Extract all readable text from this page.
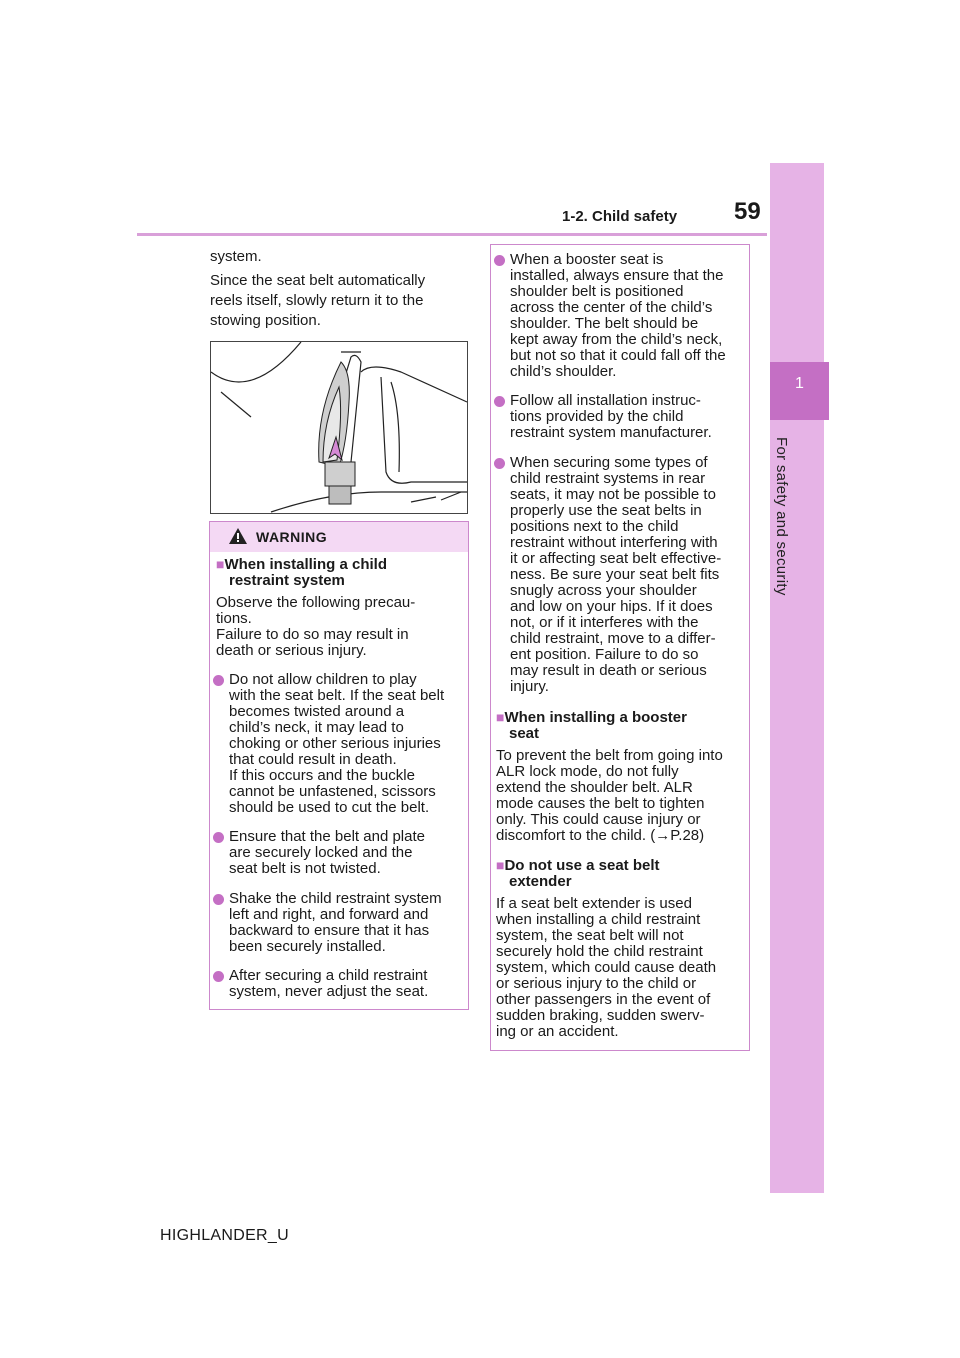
1-2. Child safety 59
1
For safety and security
system.
Since the seat belt automatically
reels itself, slowly return it to the
stowing position.
WARNING
■When installing a child
restraint system
Observe the following precau-
tions.
Failure to do so may result in
death or serious injury.
Do not allow children to play
with the seat belt. If the seat belt
becomes twisted around a
child’s neck, it may lead to
choking or other serious injuries
that could result in death.
If this occurs and the buckle
cannot be unfastened, scissors
should be used to cut the belt.
Ensure that the belt and plate
are securely locked and the
seat belt is not twisted.
Shake the child restraint system
left and right, and forward and
backward to ensure that it has
been securely installed.
After securing a child restraint
system, never adjust the seat.
When a booster seat is
installed, always ensure that the
shoulder belt is positioned
across the center of the child’s
shoulder. The belt should be
kept away from the child’s neck,
but not so that it could fall off the
child’s shoulder.
Follow all installation instruc-
tions provided by the child
restraint system manufacturer.
When securing some types of
child restraint systems in rear
seats, it may not be possible to
properly use the seat belts in
positions next to the child
restraint without interfering with
it or affecting seat belt effective-
ness. Be sure your seat belt fits
snugly across your shoulder
and low on your hips. If it does
not, or if it interferes with the
child restraint, move to a differ-
ent position. Failure to do so
may result in death or serious
injury.
■When installing a booster
seat
To prevent the belt from going into
ALR lock mode, do not fully
extend the shoulder belt. ALR
mode causes the belt to tighten
only. This could cause injury or
discomfort to the child. (→P.28)
■Do not use a seat belt
extender
If a seat belt extender is used
when installing a child restraint
system, the seat belt will not
securely hold the child restraint
system, which could cause death
or serious injury to the child or
other passengers in the event of
sudden braking, sudden swerv-
ing or an accident.
HIGHLANDER_U
